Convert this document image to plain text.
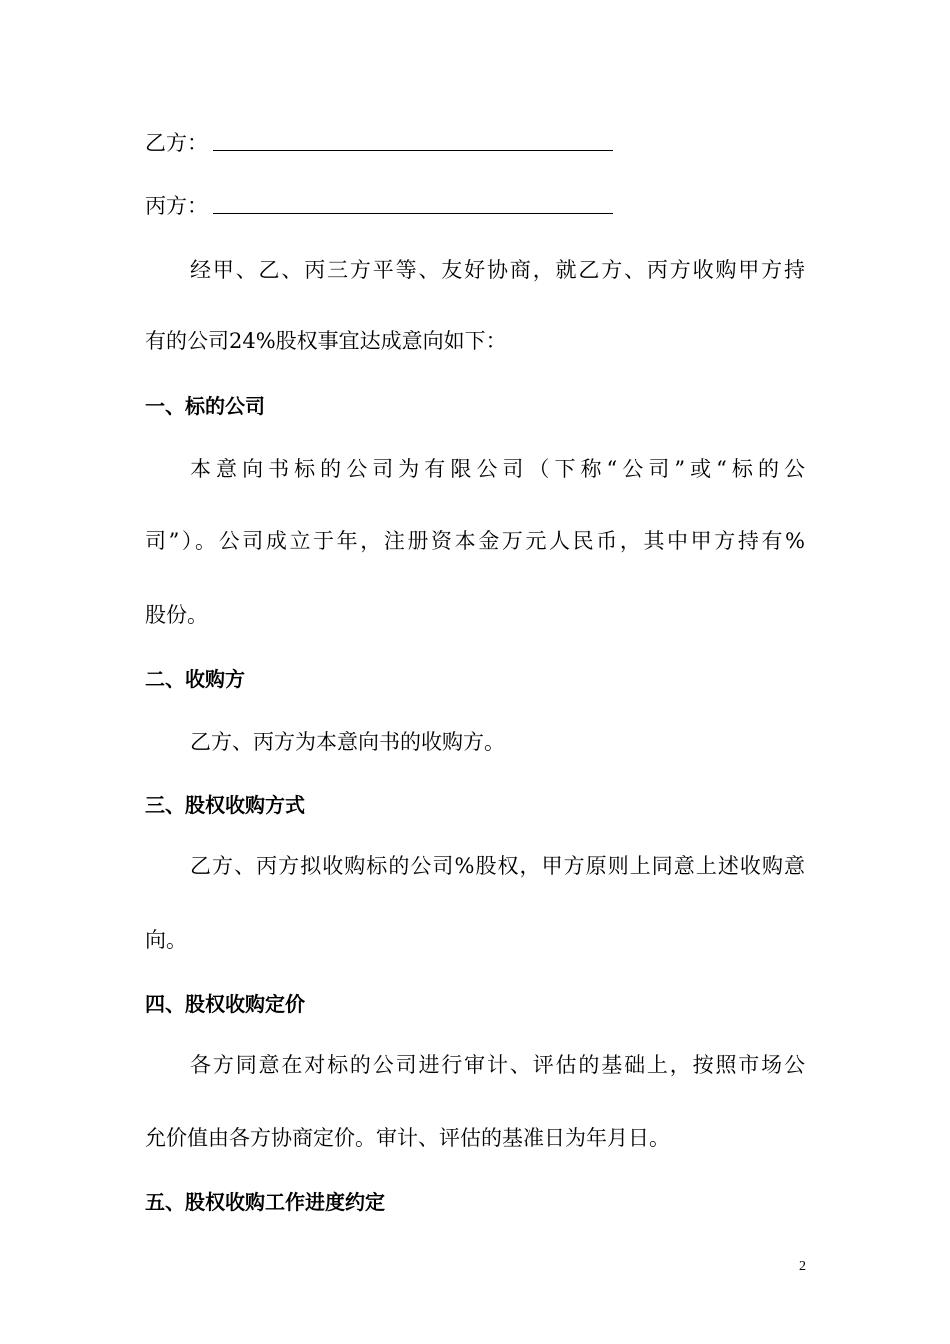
乙方：
丙方：
经甲、乙、丙三方平等、友好协商，就乙方、丙方收购甲方持
有的公司24%股权事宜达成意向如下：
一、标的公司
本意向书标的公司为有限公司（下称“公司”或“标的公
司”）。公司成立于年，注册资本金万元人民币，其中甲方持有%
股份。
二、收购方
乙方、丙方为本意向书的收购方。
三、股权收购方式
乙方、丙方拟收购标的公司%股权，甲方原则上同意上述收购意
向。
四、股权收购定价
各方同意在对标的公司进行审计、评估的基础上，按照市场公
允价值由各方协商定价。审计、评估的基准日为年月日。
五、股权收购工作进度约定
2
